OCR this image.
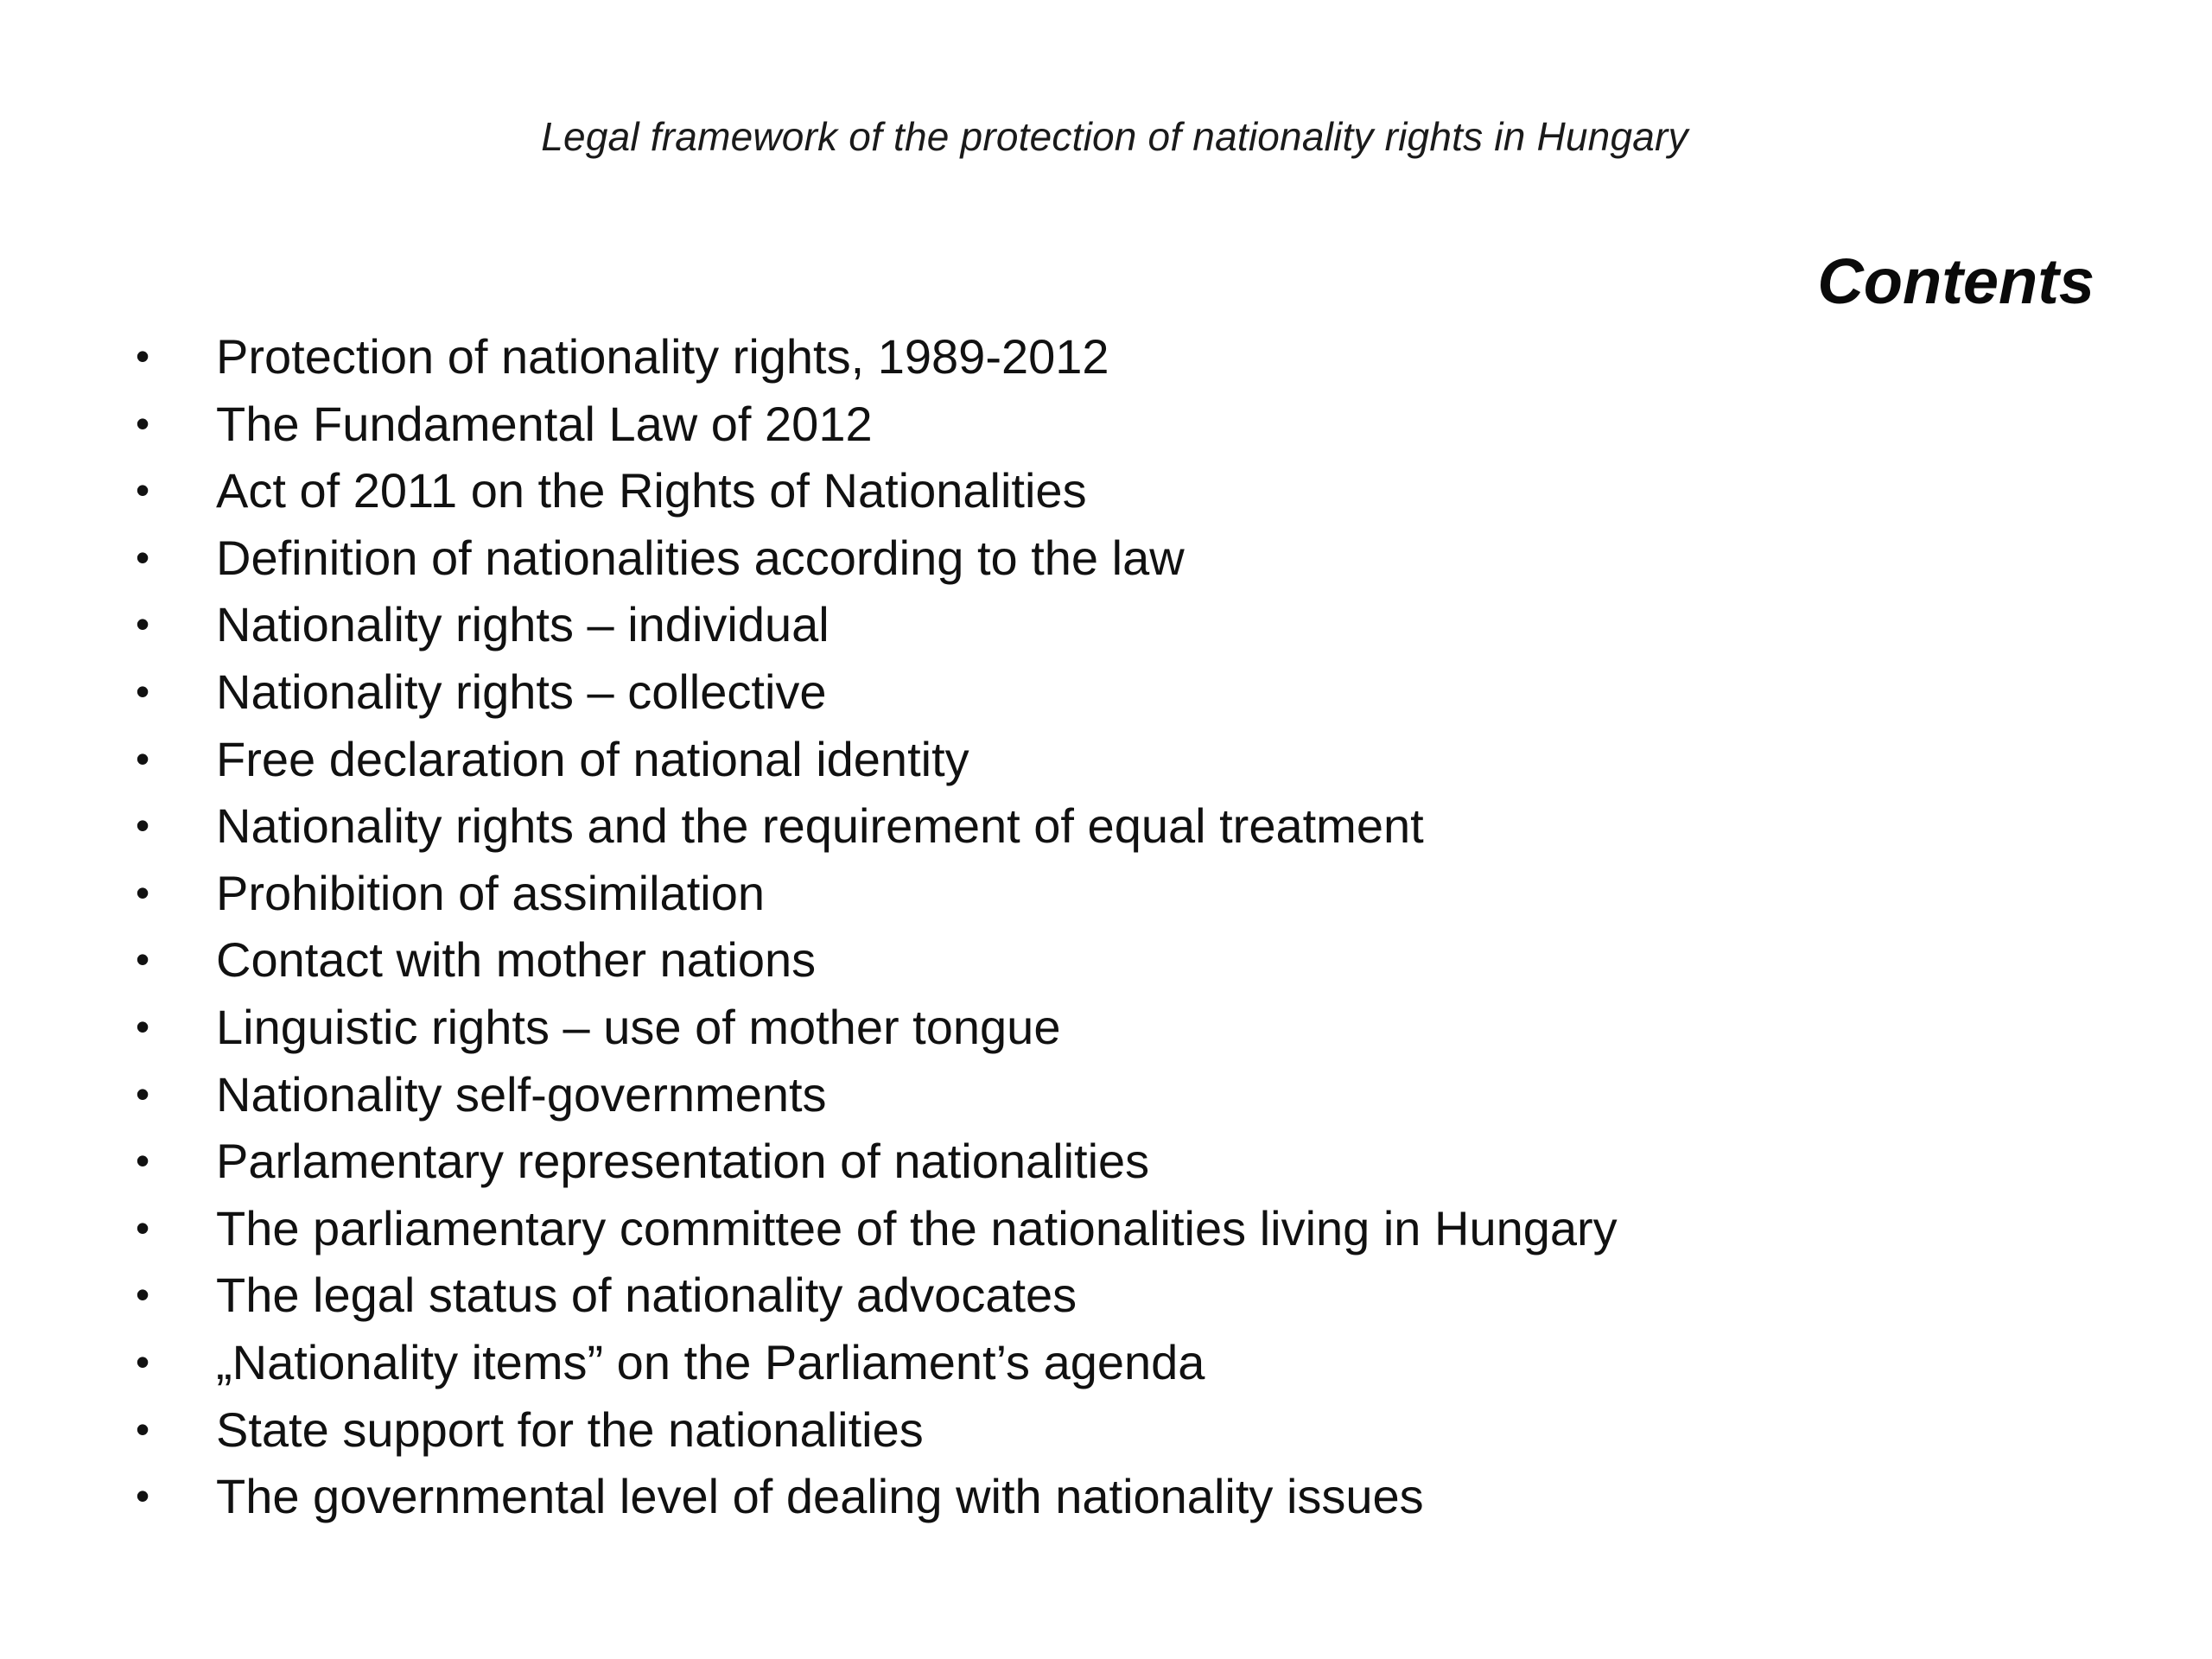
Legal framework of the protection of nationality rights in Hungary
Contents
• Protection of nationality rights, 1989-2012
• The Fundamental Law of 2012
• Act of 2011 on the Rights of Nationalities
• Definition of nationalities according to the law
• Nationality rights – individual
• Nationality rights – collective
• Free declaration of national identity
• Nationality rights and the requirement of equal treatment
• Prohibition of assimilation
• Contact with mother nations
• Linguistic rights – use of mother tongue
• Nationality self-governments
• Parlamentary representation of nationalities
• The parliamentary committee of the nationalities living in Hungary
• The legal status of nationality advocates
• „Nationality items” on the Parliament’s agenda
• State support for the nationalities
• The governmental level of dealing with nationality issues
